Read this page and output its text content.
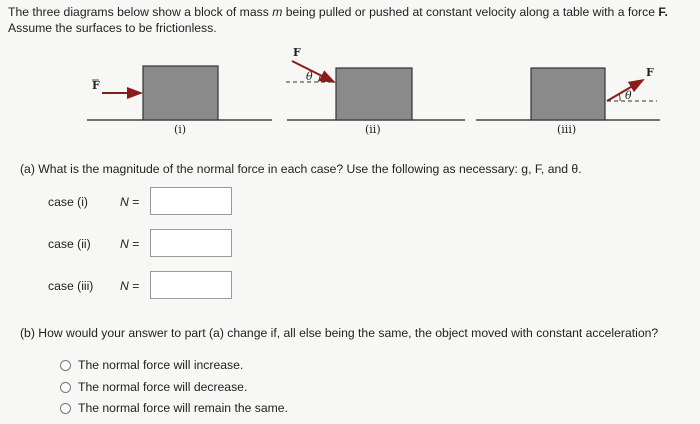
The three diagrams below show a block of mass m being pulled or pushed at constant velocity along a table with a force F.
Assume the surfaces to be frictionless.
F
(i)
θ
F
(ii)
θ
F
(iii)
(a) What is the magnitude of the normal force in each case? Use the following as necessary: g, F, and θ.
case (i)	N =
case (ii)	N =
case (iii)	N =
(b) How would your answer to part (a) change if, all else being the same, the object moved with constant acceleration?
The normal force will increase.
The normal force will decrease.
The normal force will remain the same.
